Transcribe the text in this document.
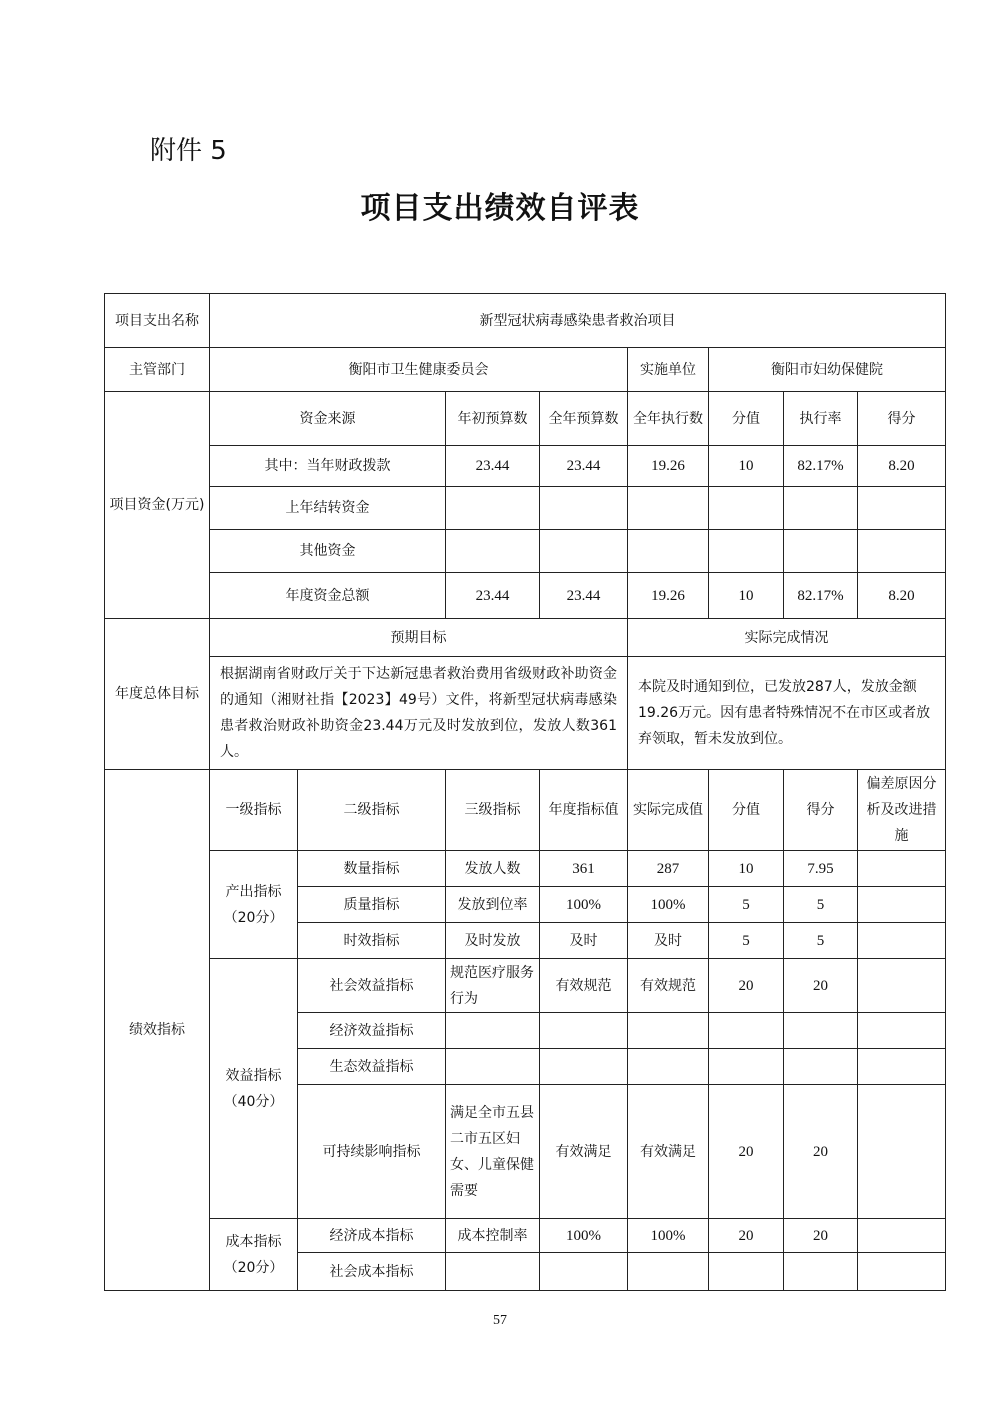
附件 5
项目支出绩效自评表
项目支出名称	新型冠状病毒感染患者救治项目							
主管部门	衡阳市卫生健康委员会				实施单位	衡阳市妇幼保健院		
项目资金(万元)	资金来源		年初预算数	全年预算数	全年执行数	分值	执行率	得分
	其中：当年财政拨款		23.44	23.44	19.26	10	82.17%	8.20
	上年结转资金							
	其他资金							
	年度资金总额		23.44	23.44	19.26	10	82.17%	8.20
年度总体目标	预期目标				实际完成情况			
	根据湖南省财政厅关于下达新冠患者救治费用省级财政补助资金的通知（湘财社指【2023】49号）文件，将新型冠状病毒感染患者救治财政补助资金23.44万元及时发放到位，发放人数361人。				本院及时通知到位，已发放287人，发放金额19.26万元。因有患者特殊情况不在市区或者放弃领取，暂未发放到位。			
绩效指标	一级指标	二级指标	三级指标	年度指标值	实际完成值	分值	得分	偏差原因分析及改进措施
	产出指标（20分）	数量指标	发放人数	361	287	10	7.95	
		质量指标	发放到位率	100%	100%	5	5	
		时效指标	及时发放	及时	及时	5	5	
	效益指标（40分）	社会效益指标	规范医疗服务行为	有效规范	有效规范	20	20	
		经济效益指标						
		生态效益指标						
		可持续影响指标	满足全市五县二市五区妇女、儿童保健需要	有效满足	有效满足	20	20	
	成本指标（20分）	经济成本指标	成本控制率	100%	100%	20	20	
		社会成本指标						
57
